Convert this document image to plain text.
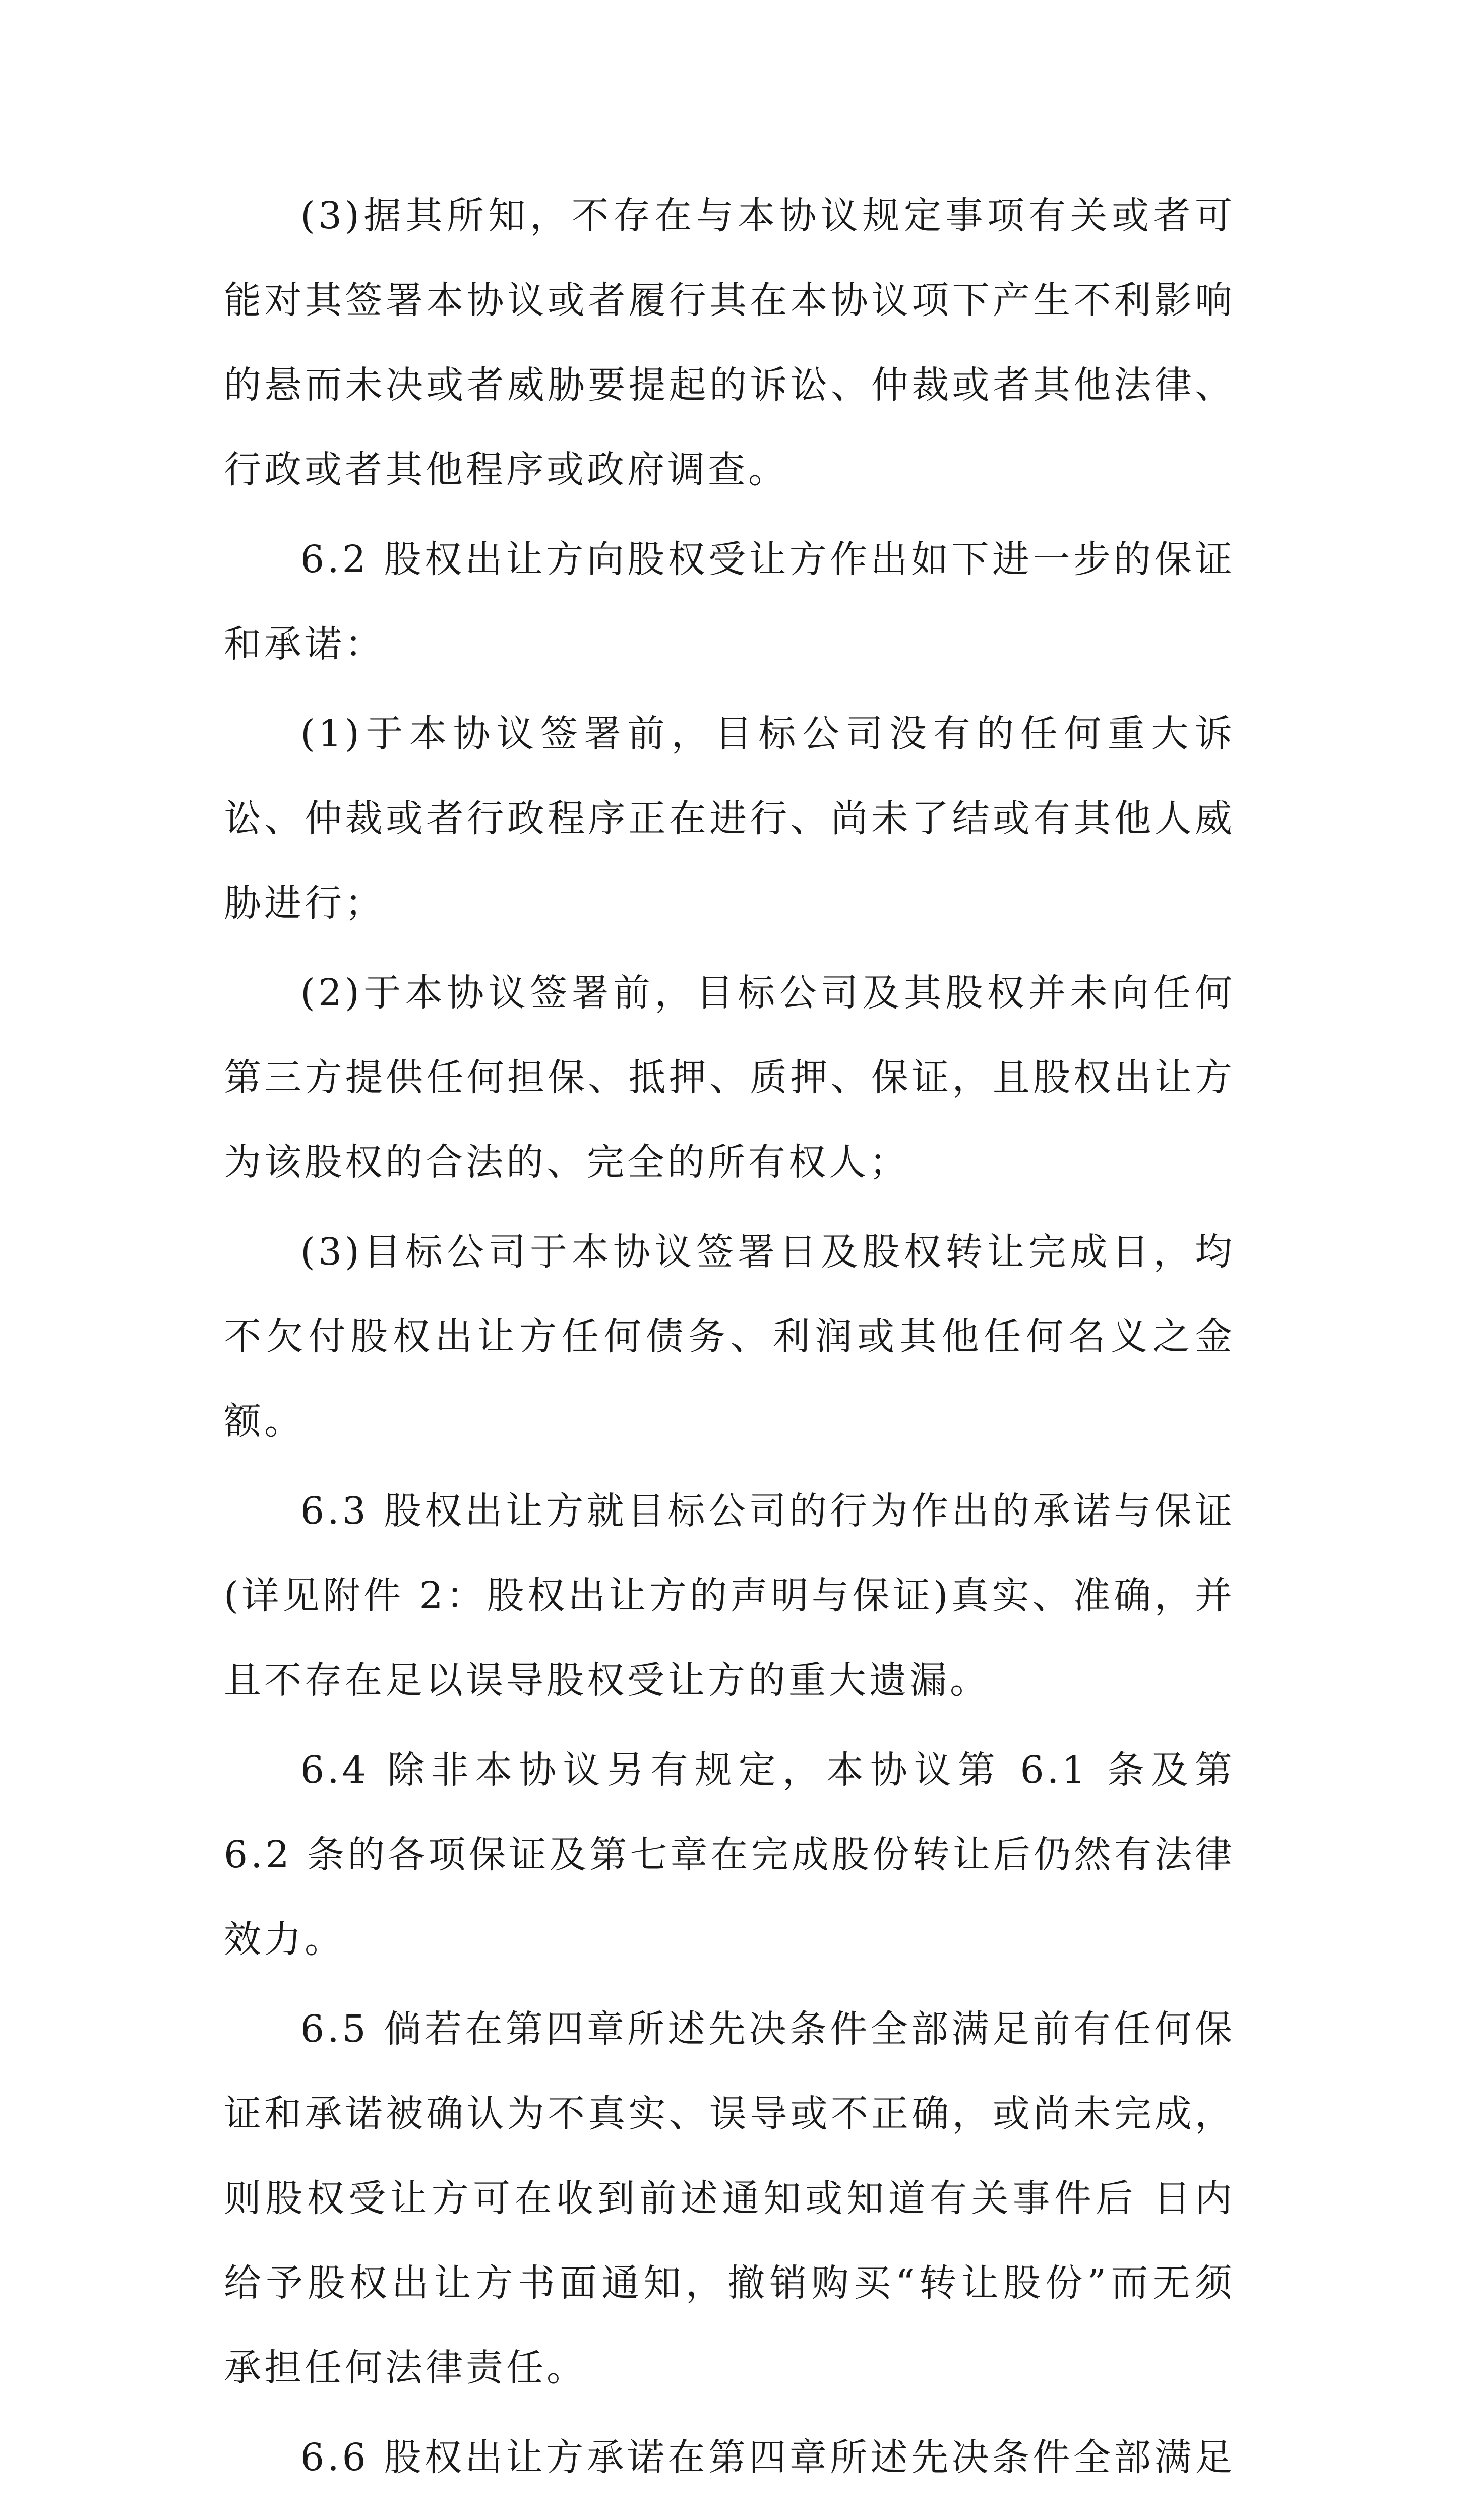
(3)据其所知，不存在与本协议规定事项有关或者可能对其签署本协议或者履行其在本协议项下产生不利影响的悬而未决或者威胁要提起的诉讼、仲裁或者其他法律、行政或者其他程序或政府调查。

6.2 股权出让方向股权受让方作出如下进一步的保证和承诺：

(1)于本协议签署前，目标公司没有的任何重大诉讼、仲裁或者行政程序正在进行、尚未了结或有其他人威胁进行；

(2)于本协议签署前，目标公司及其股权并未向任何第三方提供任何担保、抵押、质押、保证，且股权出让方为该股权的合法的、完全的所有权人；

(3)目标公司于本协议签署日及股权转让完成日，均不欠付股权出让方任何债务、利润或其他任何名义之金额。

6.3 股权出让方就目标公司的行为作出的承诺与保证(详见附件 2：股权出让方的声明与保证)真实、准确，并且不存在足以误导股权受让方的重大遗漏。

6.4 除非本协议另有规定，本协议第 6.1 条及第 6.2 条的各项保证及第七章在完成股份转让后仍然有法律效力。

6.5 倘若在第四章所述先决条件全部满足前有任何保证和承诺被确认为不真实、误导或不正确，或尚未完成，则股权受让方可在收到前述通知或知道有关事件后 日内给予股权出让方书面通知，撤销购买“转让股份”而无须承担任何法律责任。

6.6 股权出让方承诺在第四章所述先决条件全部满足
